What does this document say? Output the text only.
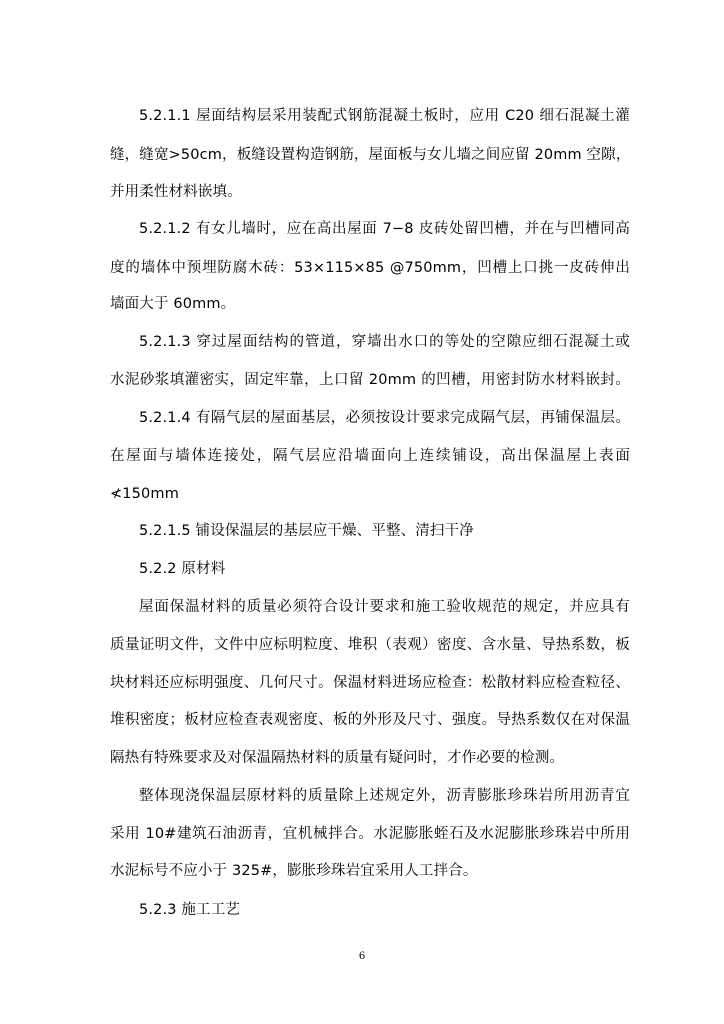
5.2.1.1 屋面结构层采用装配式钢筋混凝土板时，应用 C20 细石混凝土灌
缝，缝宽>50cm，板缝设置构造钢筋，屋面板与女儿墙之间应留 20mm 空隙，
并用柔性材料嵌填。
5.2.1.2 有女儿墙时，应在高出屋面 7−8 皮砖处留凹槽，并在与凹槽同高
度的墙体中预埋防腐木砖：53×115×85 @750mm，凹槽上口挑一皮砖伸出
墙面大于 60mm。
5.2.1.3 穿过屋面结构的管道，穿墙出水口的等处的空隙应细石混凝土或
水泥砂浆填灌密实，固定牢靠，上口留 20mm 的凹槽，用密封防水材料嵌封。
5.2.1.4 有隔气层的屋面基层，必须按设计要求完成隔气层，再铺保温层。
在屋面与墙体连接处，隔气层应沿墙面向上连续铺设，高出保温屋上表面
≮150mm
5.2.1.5 铺设保温层的基层应干燥、平整、清扫干净
5.2.2 原材料
屋面保温材料的质量必须符合设计要求和施工验收规范的规定，并应具有
质量证明文件，文件中应标明粒度、堆积（表观）密度、含水量、导热系数，板
块材料还应标明强度、几何尺寸。保温材料进场应检查：松散材料应检查粒径、
堆积密度；板材应检查表观密度、板的外形及尺寸、强度。导热系数仅在对保温
隔热有特殊要求及对保温隔热材料的质量有疑问时，才作必要的检测。
整体现浇保温层原材料的质量除上述规定外，沥青膨胀珍珠岩所用沥青宜
采用 10#建筑石油沥青，宜机械拌合。水泥膨胀蛭石及水泥膨胀珍珠岩中所用
水泥标号不应小于 325#，膨胀珍珠岩宜采用人工拌合。
5.2.3 施工工艺
6
